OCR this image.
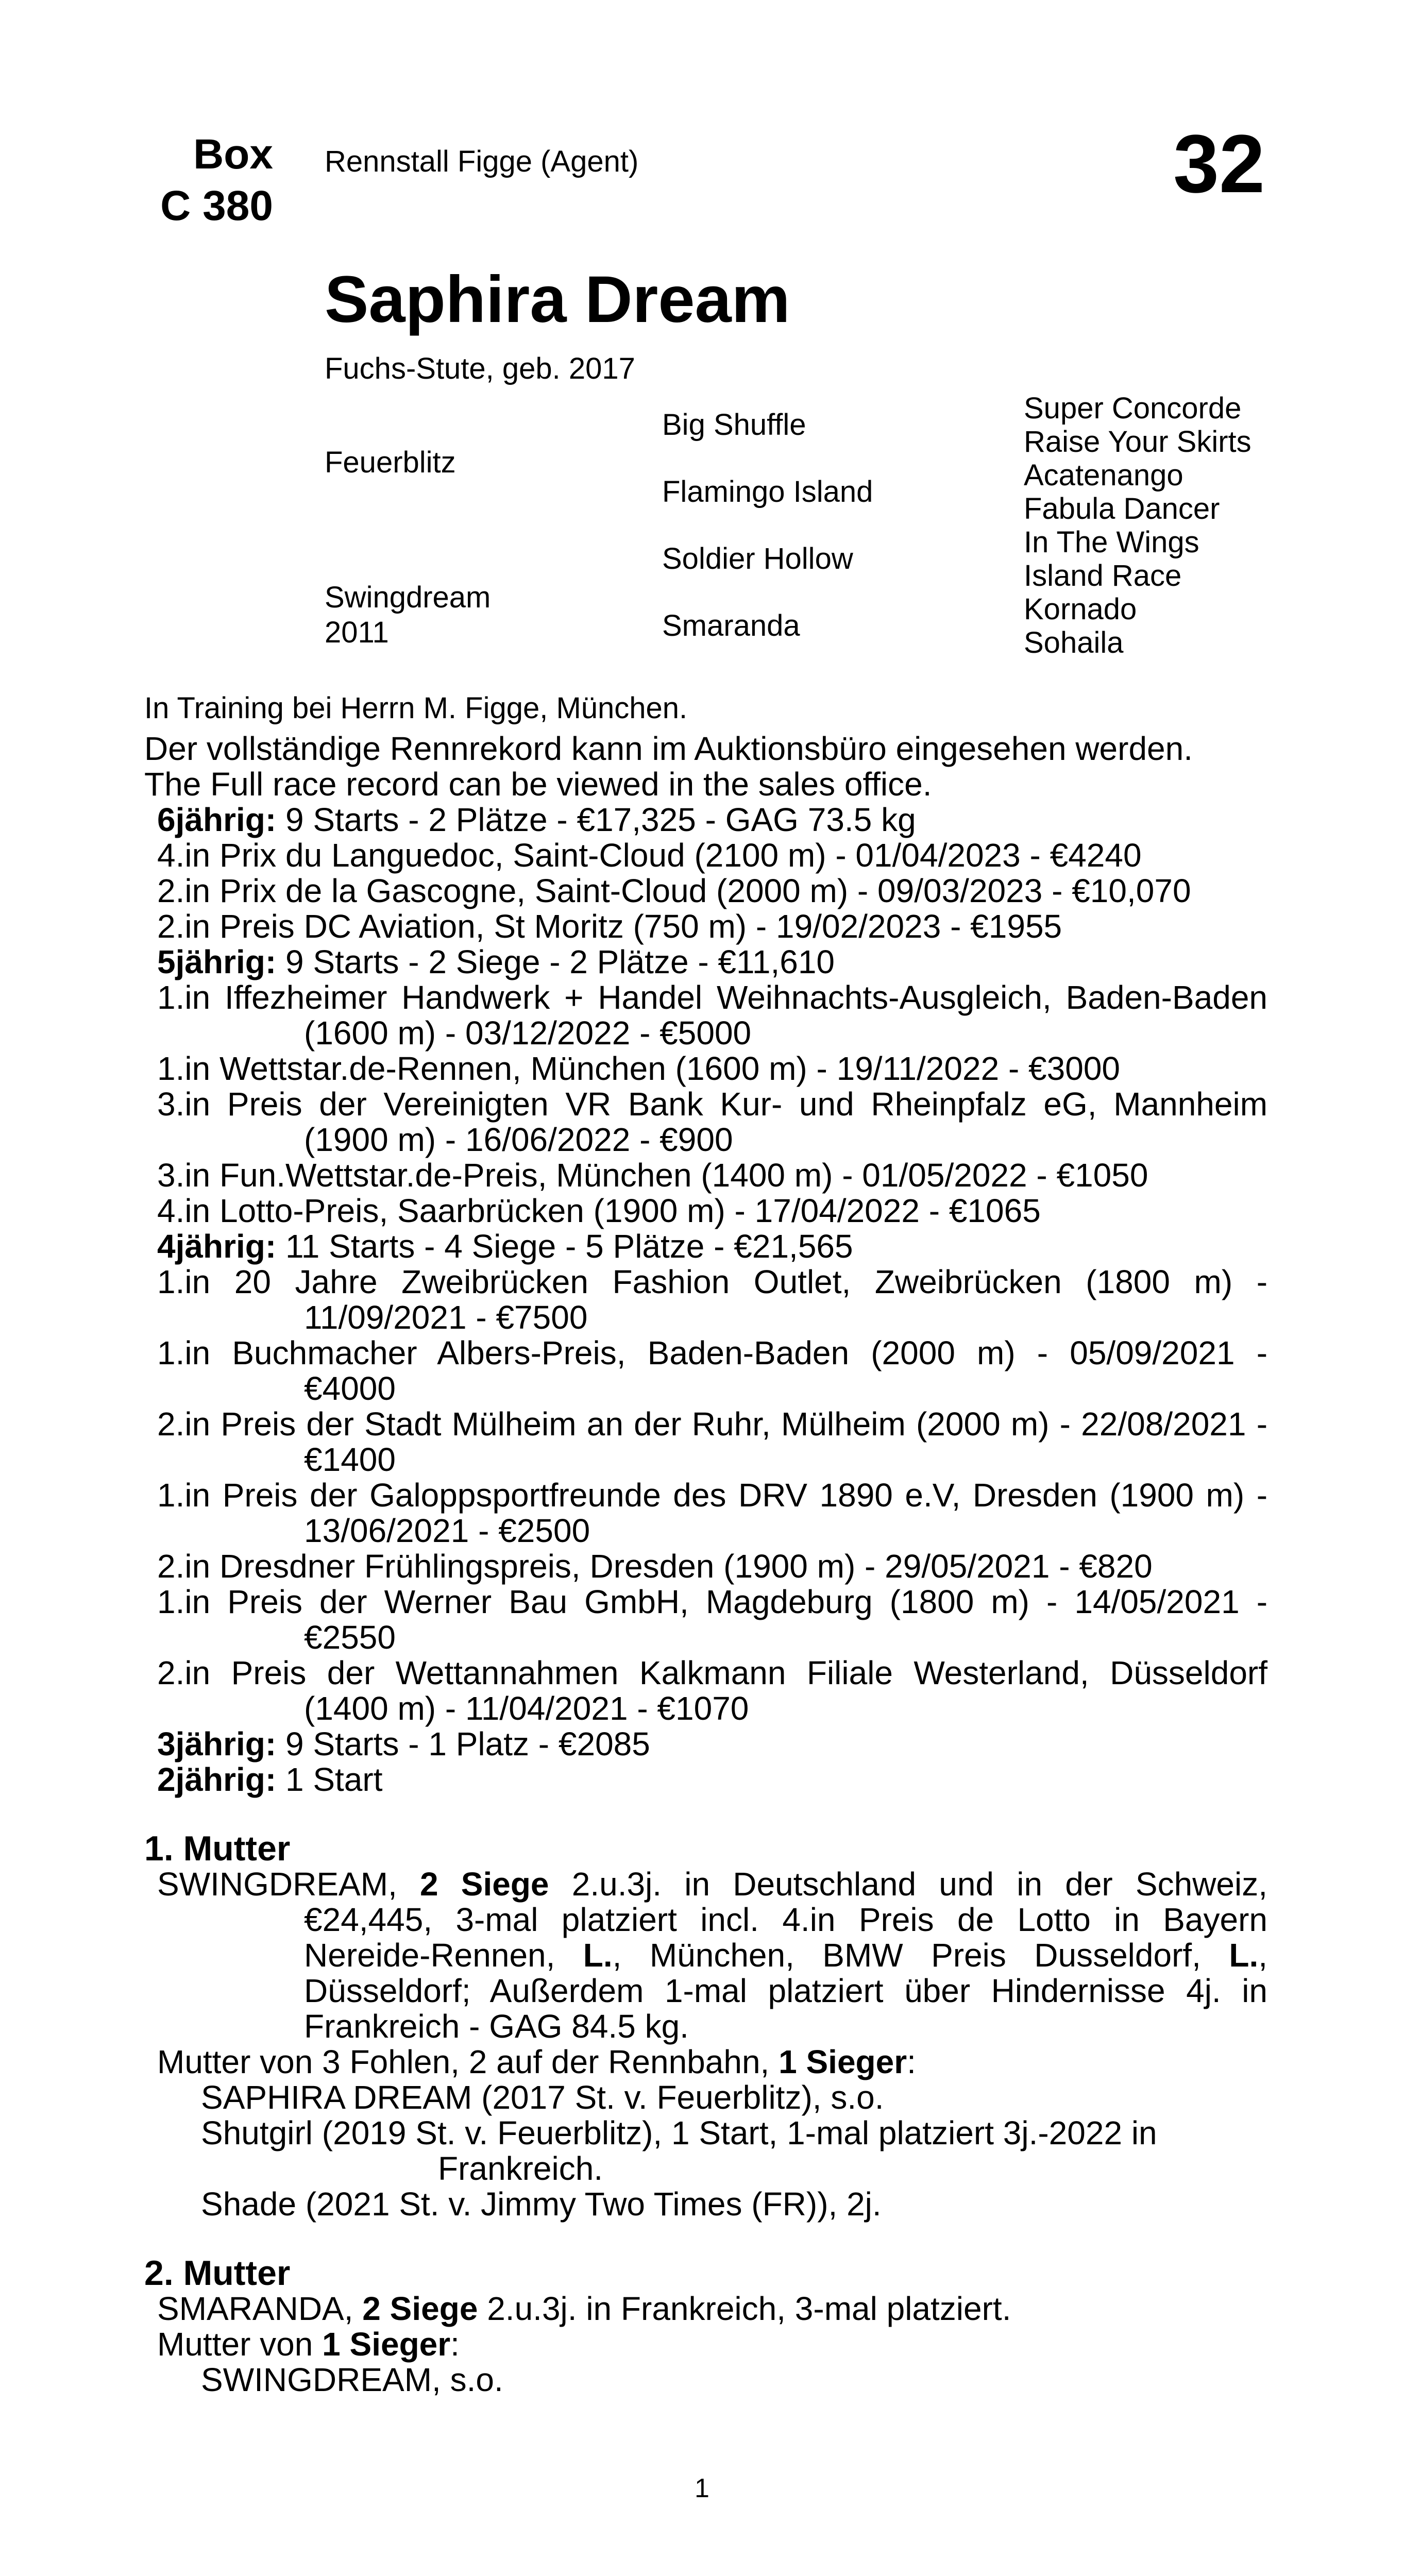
Box
C 380
Rennstall Figge (Agent)	32
Saphira Dream
Fuchs-Stute, geb. 2017
Feuerblitz
Swingdream
2011
Big Shuffle
Flamingo Island
Soldier Hollow
Smaranda
Super Concorde
Raise Your Skirts
Acatenango
Fabula Dancer
In The Wings
Island Race
Kornado
Sohaila
In Training bei Herrn M. Figge, München.
Der vollständige Rennrekord kann im Auktionsbüro eingesehen werden.
The Full race record can be viewed in the sales office.
6jährig: 9 Starts - 2 Plätze - €17,325 - GAG 73.5 kg
4.in Prix du Languedoc, Saint-Cloud (2100 m) - 01/04/2023 - €4240
2.in Prix de la Gascogne, Saint-Cloud (2000 m) - 09/03/2023 - €10,070
2.in Preis DC Aviation, St Moritz (750 m) - 19/02/2023 - €1955
5jährig: 9 Starts - 2 Siege - 2 Plätze - €11,610
1.in Iffezheimer Handwerk + Handel Weihnachts-Ausgleich, Baden-Baden (1600 m) - 03/12/2022 - €5000
1.in Wettstar.de-Rennen, München (1600 m) - 19/11/2022 - €3000
3.in Preis der Vereinigten VR Bank Kur- und Rheinpfalz eG, Mannheim (1900 m) - 16/06/2022 - €900
3.in Fun.Wettstar.de-Preis, München (1400 m) - 01/05/2022 - €1050
4.in Lotto-Preis, Saarbrücken (1900 m) - 17/04/2022 - €1065
4jährig: 11 Starts - 4 Siege - 5 Plätze - €21,565
1.in 20 Jahre Zweibrücken Fashion Outlet, Zweibrücken (1800 m) - 11/09/2021 - €7500
1.in Buchmacher Albers-Preis, Baden-Baden (2000 m) - 05/09/2021 - €4000
2.in Preis der Stadt Mülheim an der Ruhr, Mülheim (2000 m) - 22/08/2021 - €1400
1.in Preis der Galoppsportfreunde des DRV 1890 e.V, Dresden (1900 m) - 13/06/2021 - €2500
2.in Dresdner Frühlingspreis, Dresden (1900 m) - 29/05/2021 - €820
1.in Preis der Werner Bau GmbH, Magdeburg (1800 m) - 14/05/2021 - €2550
2.in Preis der Wettannahmen Kalkmann Filiale Westerland, Düsseldorf (1400 m) - 11/04/2021 - €1070
3jährig: 9 Starts - 1 Platz - €2085
2jährig: 1 Start
1. Mutter
SWINGDREAM, 2 Siege 2.u.3j. in Deutschland und in der Schweiz, €24,445, 3-mal platziert incl. 4.in Preis de Lotto in Bayern Nereide-Rennen, L., München, BMW Preis Dusseldorf, L., Düsseldorf; Außerdem 1-mal platziert über Hindernisse 4j. in Frankreich - GAG 84.5 kg.
Mutter von 3 Fohlen, 2 auf der Rennbahn, 1 Sieger:
SAPHIRA DREAM (2017 St. v. Feuerblitz), s.o.
Shutgirl (2019 St. v. Feuerblitz), 1 Start, 1-mal platziert 3j.-2022 in Frankreich.
Shade (2021 St. v. Jimmy Two Times (FR)), 2j.
2. Mutter
SMARANDA, 2 Siege 2.u.3j. in Frankreich, 3-mal platziert.
Mutter von 1 Sieger:
SWINGDREAM, s.o.
1
